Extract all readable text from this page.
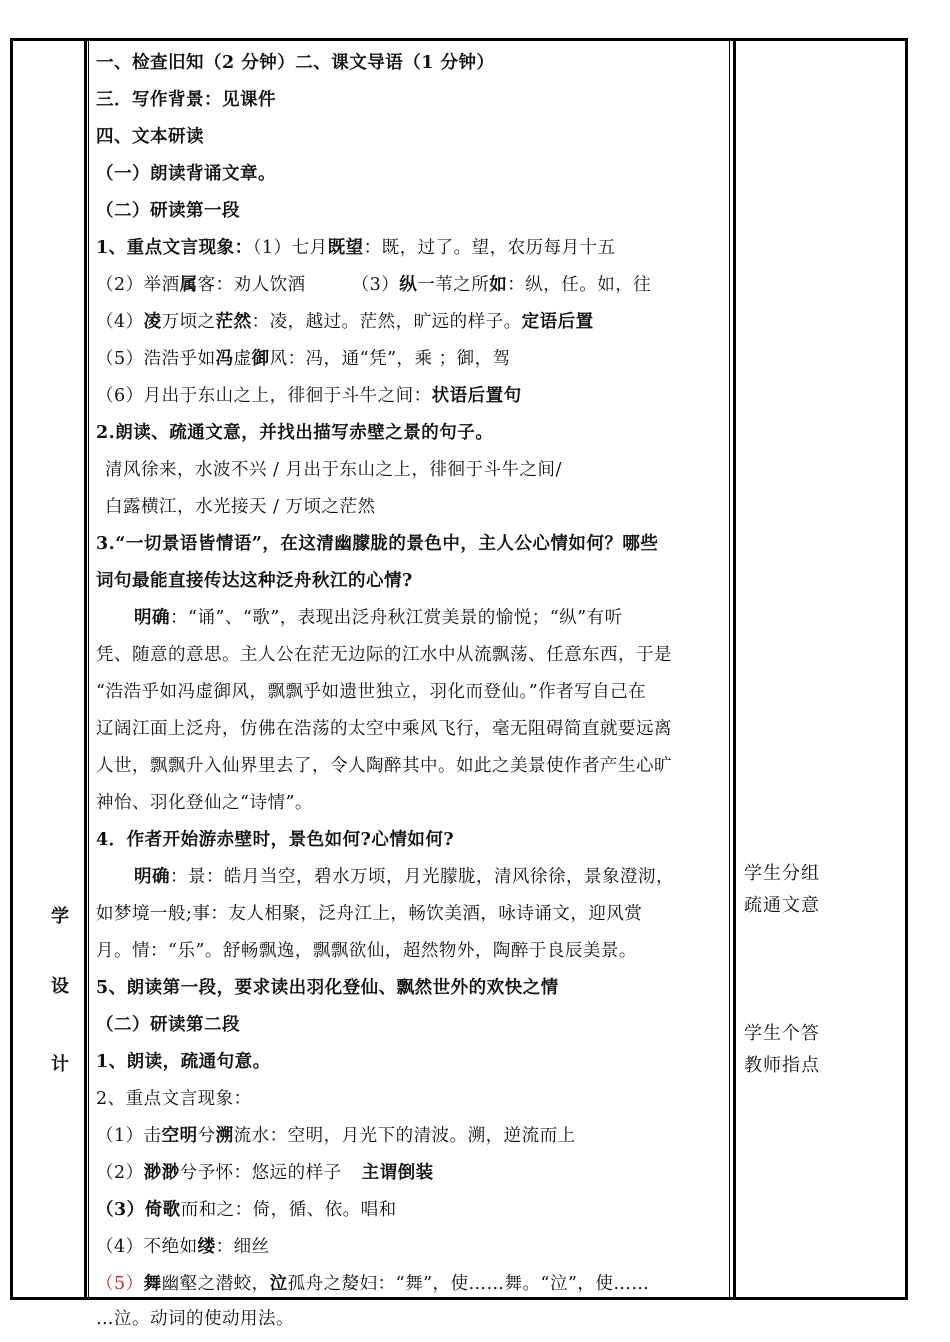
学
设
计
学生分组
疏通文意
学生个答
教师指点
一、检查旧知（2 分钟）二、课文导语（1 分钟）
三．写作背景：见课件
四、文本研读
（一）朗读背诵文章。
（二）研读第一段
1、重点文言现象：（1）七月既望：既，过了。望，农历每月十五
（2）举酒属客：劝人饮酒	（3）纵一苇之所如：纵，任。如，往
（4）凌万顷之茫然：凌，越过。茫然，旷远的样子。定语后置
（5）浩浩乎如冯虚御风：冯，通“凭”，乘 ；御，驾
（6）月出于东山之上，徘徊于斗牛之间：状语后置句
2.朗读、疏通文意，并找出描写赤壁之景的句子。
清风徐来，水波不兴 / 月出于东山之上，徘徊于斗牛之间/
白露横江，水光接天 / 万顷之茫然
3.“一切景语皆情语”，在这清幽朦胧的景色中，主人公心情如何？哪些
词句最能直接传达这种泛舟秋江的心情?
明确：“诵”、“歌”，表现出泛舟秋江赏美景的愉悦；“纵”有听
凭、随意的意思。主人公在茫无边际的江水中从流飘荡、任意东西，于是
“浩浩乎如冯虚御风，飘飘乎如遗世独立，羽化而登仙。”作者写自己在
辽阔江面上泛舟，仿佛在浩荡的太空中乘风飞行，毫无阻碍简直就要远离
人世，飘飘升入仙界里去了，令人陶醉其中。如此之美景使作者产生心旷
神怡、羽化登仙之“诗情”。
4．作者开始游赤壁时，景色如何?心情如何?
明确：景：皓月当空，碧水万顷，月光朦胧，清风徐徐，景象澄沏，
如梦境一般;事：友人相聚，泛舟江上，畅饮美酒，咏诗诵文，迎风赏
月。情：“乐”。舒畅飘逸，飘飘欲仙，超然物外，陶醉于良辰美景。
5、朗读第一段，要求读出羽化登仙、飘然世外的欢快之情
（二）研读第二段
1、朗读，疏通句意。
2、重点文言现象：
（1）击空明兮溯流水：空明，月光下的清波。溯，逆流而上
（2）渺渺兮予怀：悠远的样子 主谓倒装
（3）倚歌而和之：倚，循、依。唱和
（4）不绝如缕：细丝
（5）舞幽壑之潜蛟，泣孤舟之嫠妇：“舞”，使……舞。“泣”，使……
…泣。动词的使动用法。
